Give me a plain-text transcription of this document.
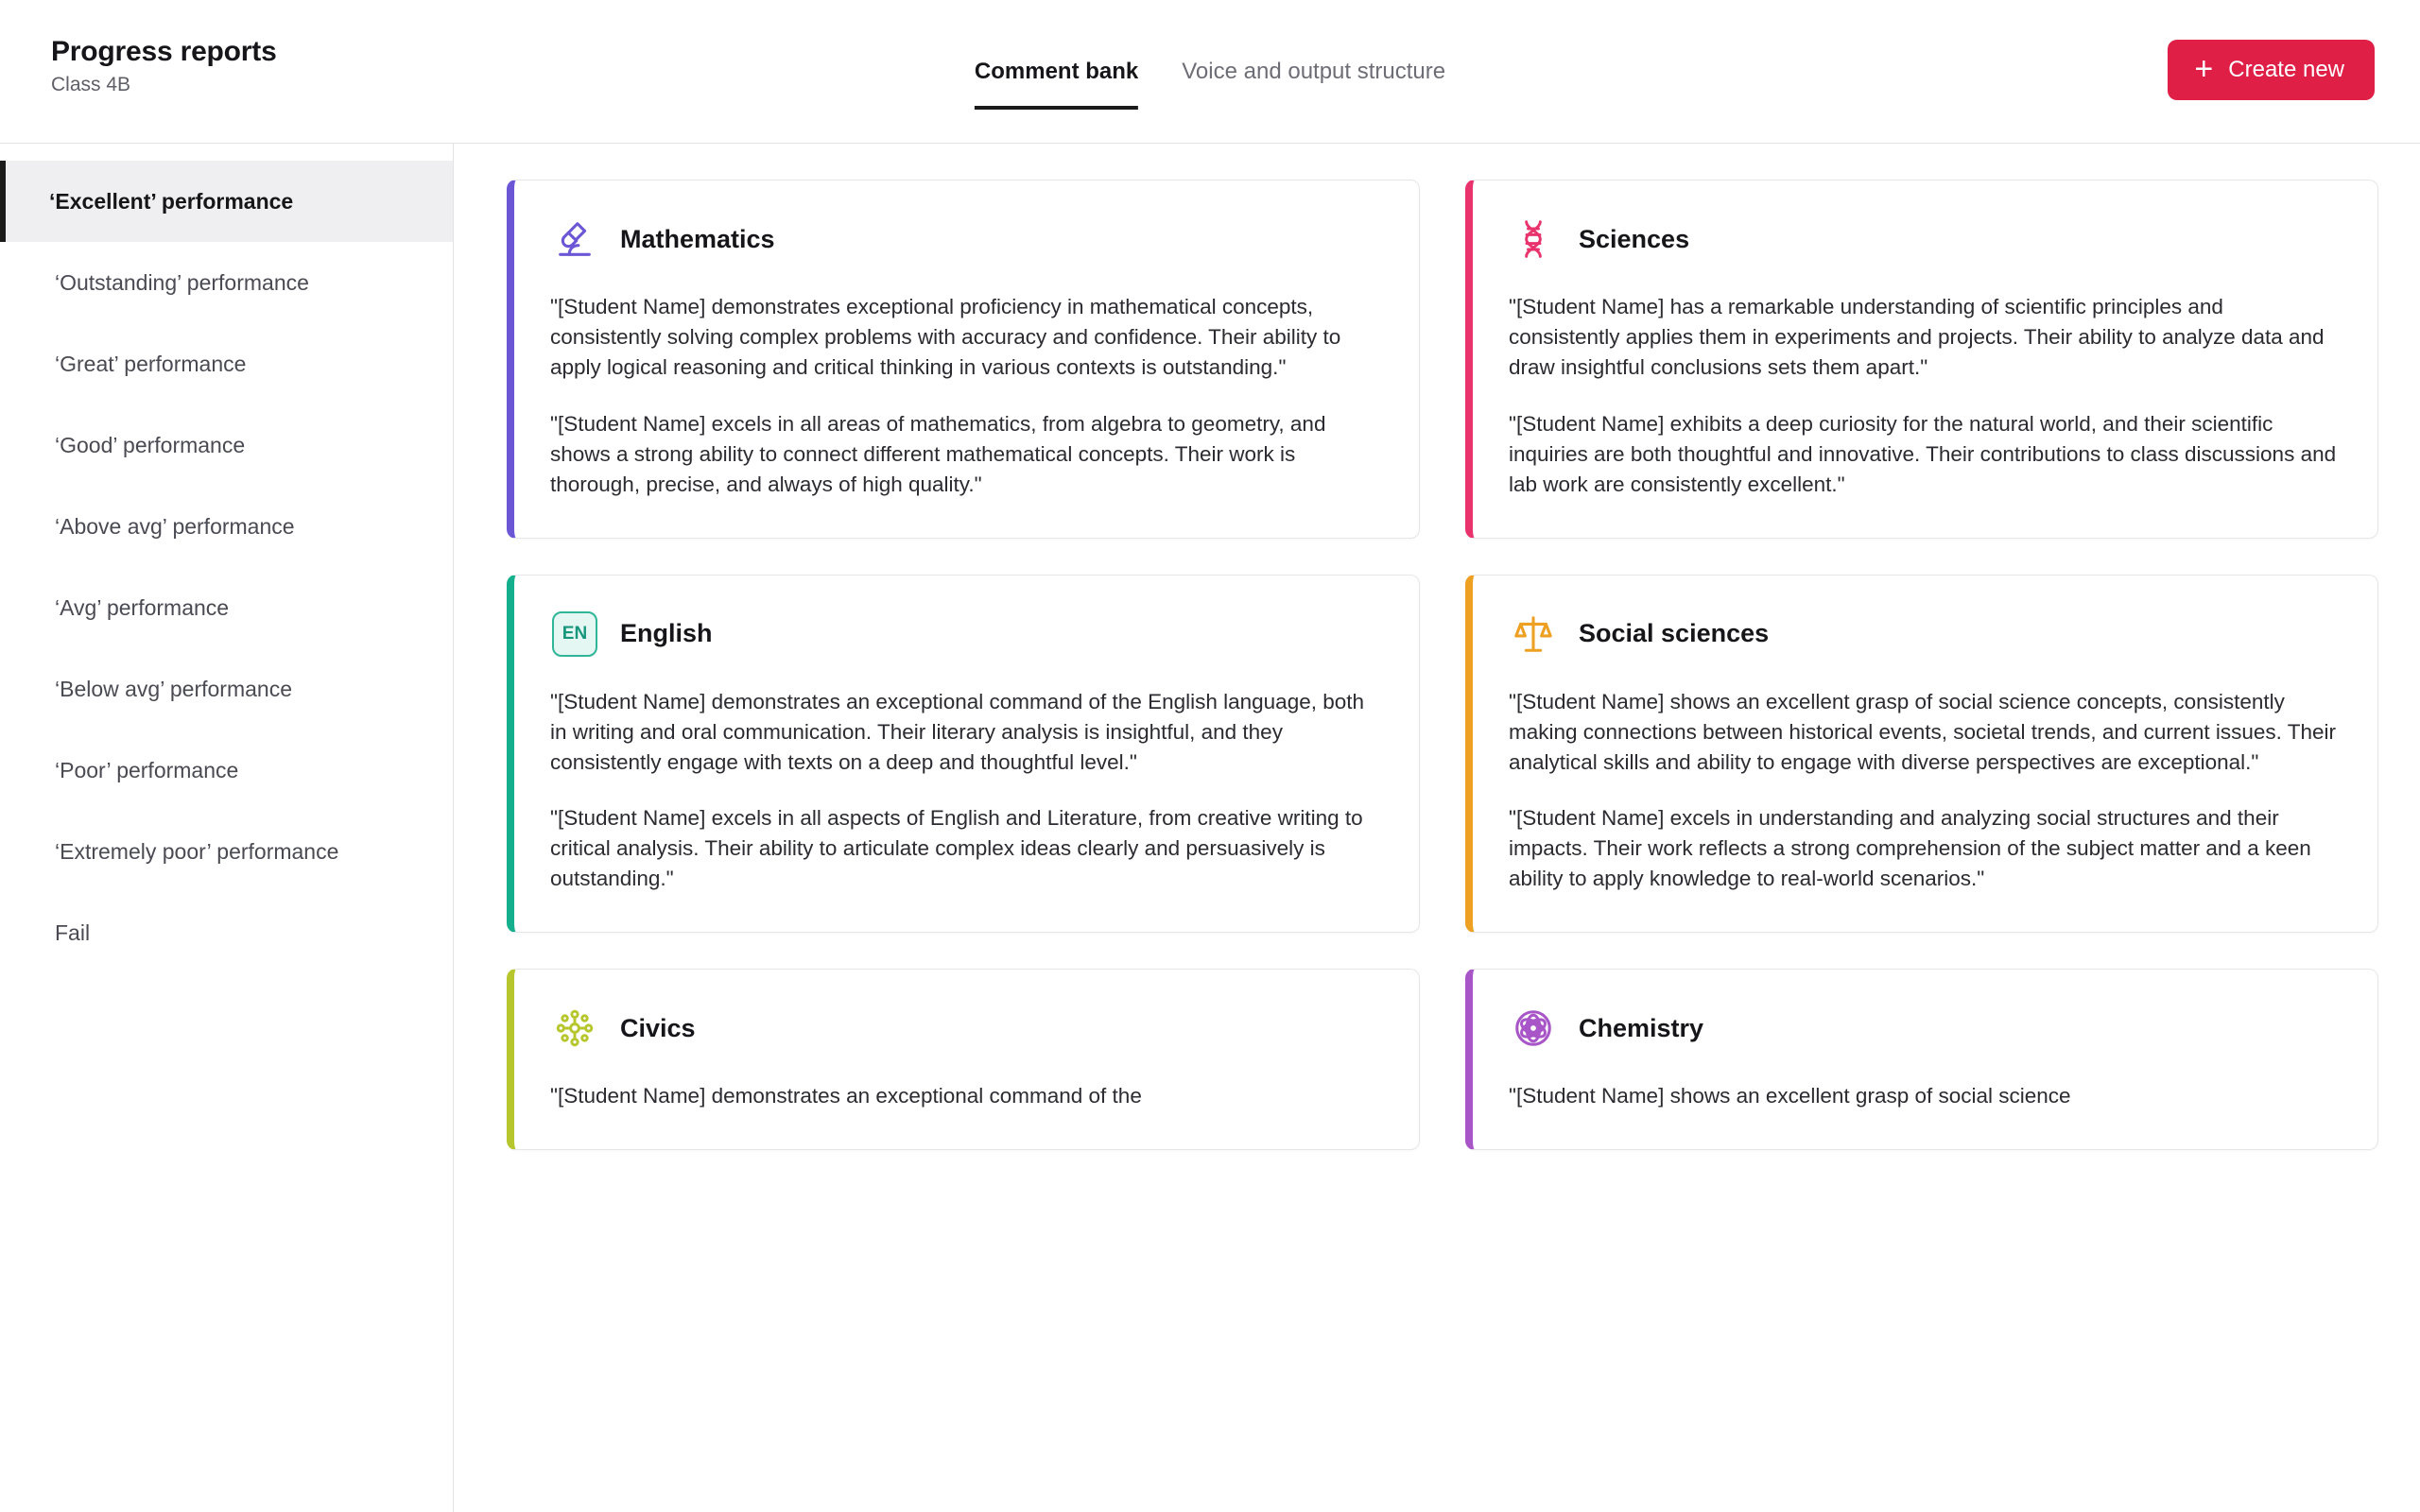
Progress reports
Class 4B
Comment bank Voice and output structure	+ Create new
‘Excellent’ performance
‘Outstanding’ performance
‘Great’ performance
‘Good’ performance
‘Above avg’ performance
‘Avg’ performance
‘Below avg’ performance
‘Poor’ performance
‘Extremely poor’ performance
Fail
Mathematics

"[Student Name] demonstrates exceptional proficiency in mathematical concepts, consistently solving complex problems with accuracy and confidence. Their ability to apply logical reasoning and critical thinking in various contexts is outstanding."

"[Student Name] excels in all areas of mathematics, from algebra to geometry, and shows a strong ability to connect different mathematical concepts. Their work is thorough, precise, and always of high quality."

Sciences

"[Student Name] has a remarkable understanding of scientific principles and consistently applies them in experiments and projects. Their ability to analyze data and draw insightful conclusions sets them apart."

"[Student Name] exhibits a deep curiosity for the natural world, and their scientific inquiries are both thoughtful and innovative. Their contributions to class discussions and lab work are consistently excellent."

EN	English

"[Student Name] demonstrates an exceptional command of the English language, both in writing and oral communication. Their literary analysis is insightful, and they consistently engage with texts on a deep and thoughtful level."

"[Student Name] excels in all aspects of English and Literature, from creative writing to critical analysis. Their ability to articulate complex ideas clearly and persuasively is outstanding."

Social sciences

"[Student Name] shows an excellent grasp of social science concepts, consistently making connections between historical events, societal trends, and current issues. Their analytical skills and ability to engage with diverse perspectives are exceptional."

"[Student Name] excels in understanding and analyzing social structures and their impacts. Their work reflects a strong comprehension of the subject matter and a keen ability to apply knowledge to real-world scenarios."

Civics

"[Student Name] demonstrates an exceptional command of the

Chemistry

"[Student Name] shows an excellent grasp of social science
